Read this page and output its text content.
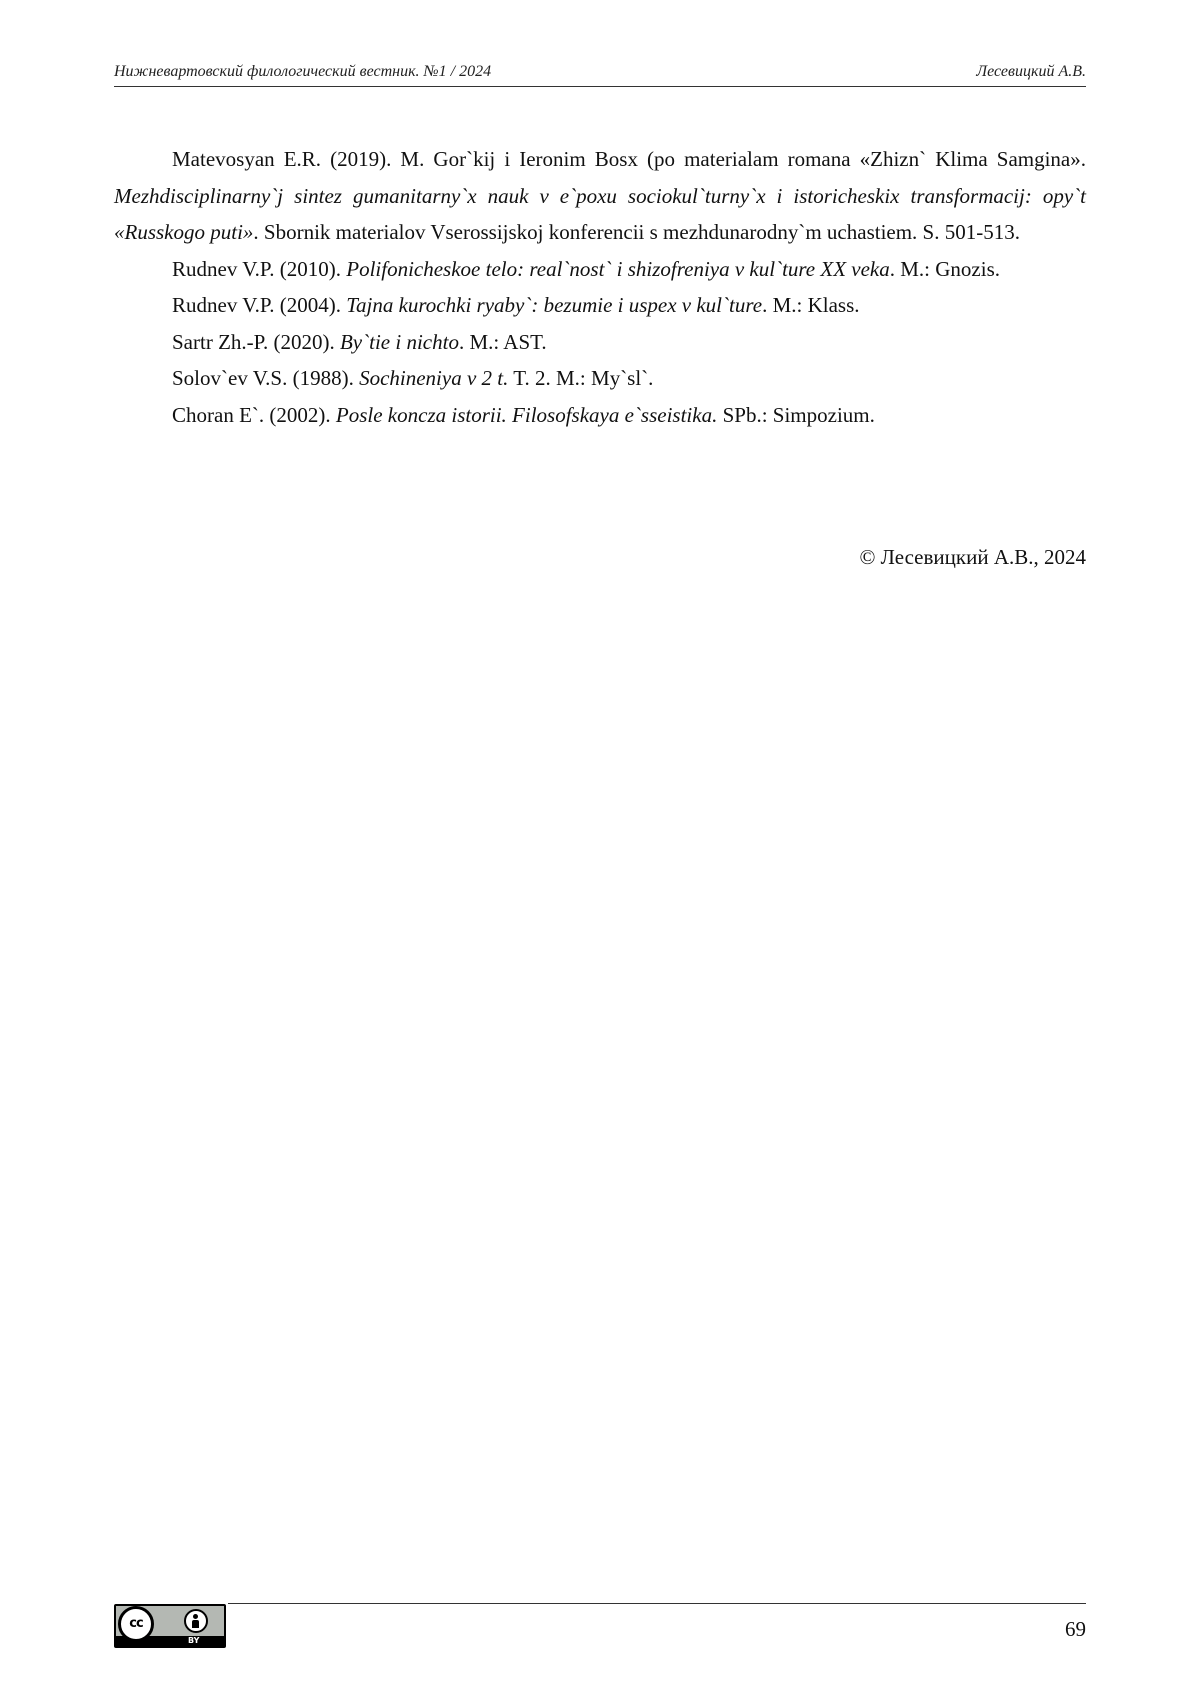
Нижневартовский филологический вестник. №1 / 2024	Лесевицкий А.В.

Matevosyan E.R. (2019). M. Gor`kij i Ieronim Bosx (po materialam romana «Zhizn` Klima Samgina». Mezhdisciplinarny`j sintez gumanitarny`x nauk v e`poxu sociokul`turny`x i istoricheskix transformacij: opy`t «Russkogo puti». Sbornik materialov Vserossijskoj konferencii s mezhdunarodny`m uchastiem. S. 501-513.

Rudnev V.P. (2010). Polifonicheskoe telo: real`nost` i shizofreniya v kul`ture XX veka. M.: Gnozis.

Rudnev V.P. (2004). Tajna kurochki ryaby`: bezumie i uspex v kul`ture. M.: Klass.

Sartr Zh.-P. (2020). By`tie i nichto. M.: AST.

Solov`ev V.S. (1988). Sochineniya v 2 t. T. 2. M.: My`sl`.

Choran E`. (2002). Posle koncza istorii. Filosofskaya e`sseistika. SPb.: Simpozium.

© Лесевицкий А.В., 2024
cc
BY	69
